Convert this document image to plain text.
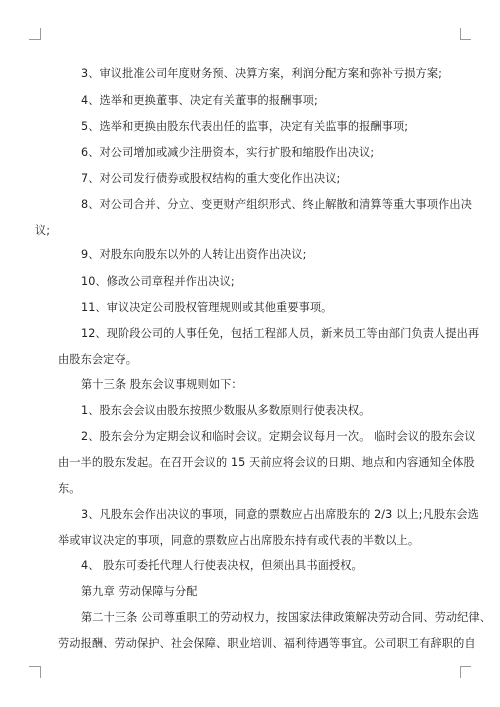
3、审议批准公司年度财务预、决算方案，利润分配方案和弥补亏损方案;

4、选举和更换董事、决定有关董事的报酬事项;

5、选举和更换由股东代表出任的监事，决定有关监事的报酬事项;

6、对公司增加或减少注册资本，实行扩股和缩股作出决议;

7、对公司发行债券或股权结构的重大变化作出决议;

8、对公司合并、分立、变更财产组织形式、终止解散和清算等重大事项作出决
议;

9、对股东向股东以外的人转让出资作出决议;

10、修改公司章程并作出决议;

11、审议决定公司股权管理规则或其他重要事项。

12、现阶段公司的人事任免，包括工程部人员，新来员工等由部门负责人提出再
由股东会定夺。

第十三条 股东会议事规则如下：

1、股东会会议由股东按照少数服从多数原则行使表决权。

2、股东会分为定期会议和临时会议。定期会议每月一次。 临时会议的股东会议
由一半的股东发起。在召开会议的 15 天前应将会议的日期、地点和内容通知全体股
东。

3、凡股东会作出决议的事项，同意的票数应占出席股东的 2/3 以上;凡股东会选
举或审议决定的事项，同意的票数应占出席股东持有或代表的半数以上。

4、 股东可委托代理人行使表决权，但须出具书面授权。

第九章 劳动保障与分配

第二十三条 公司尊重职工的劳动权力，按国家法律政策解决劳动合同、劳动纪律、
劳动报酬、劳动保护、社会保障、职业培训、福利待遇等事宜。公司职工有辞职的自
